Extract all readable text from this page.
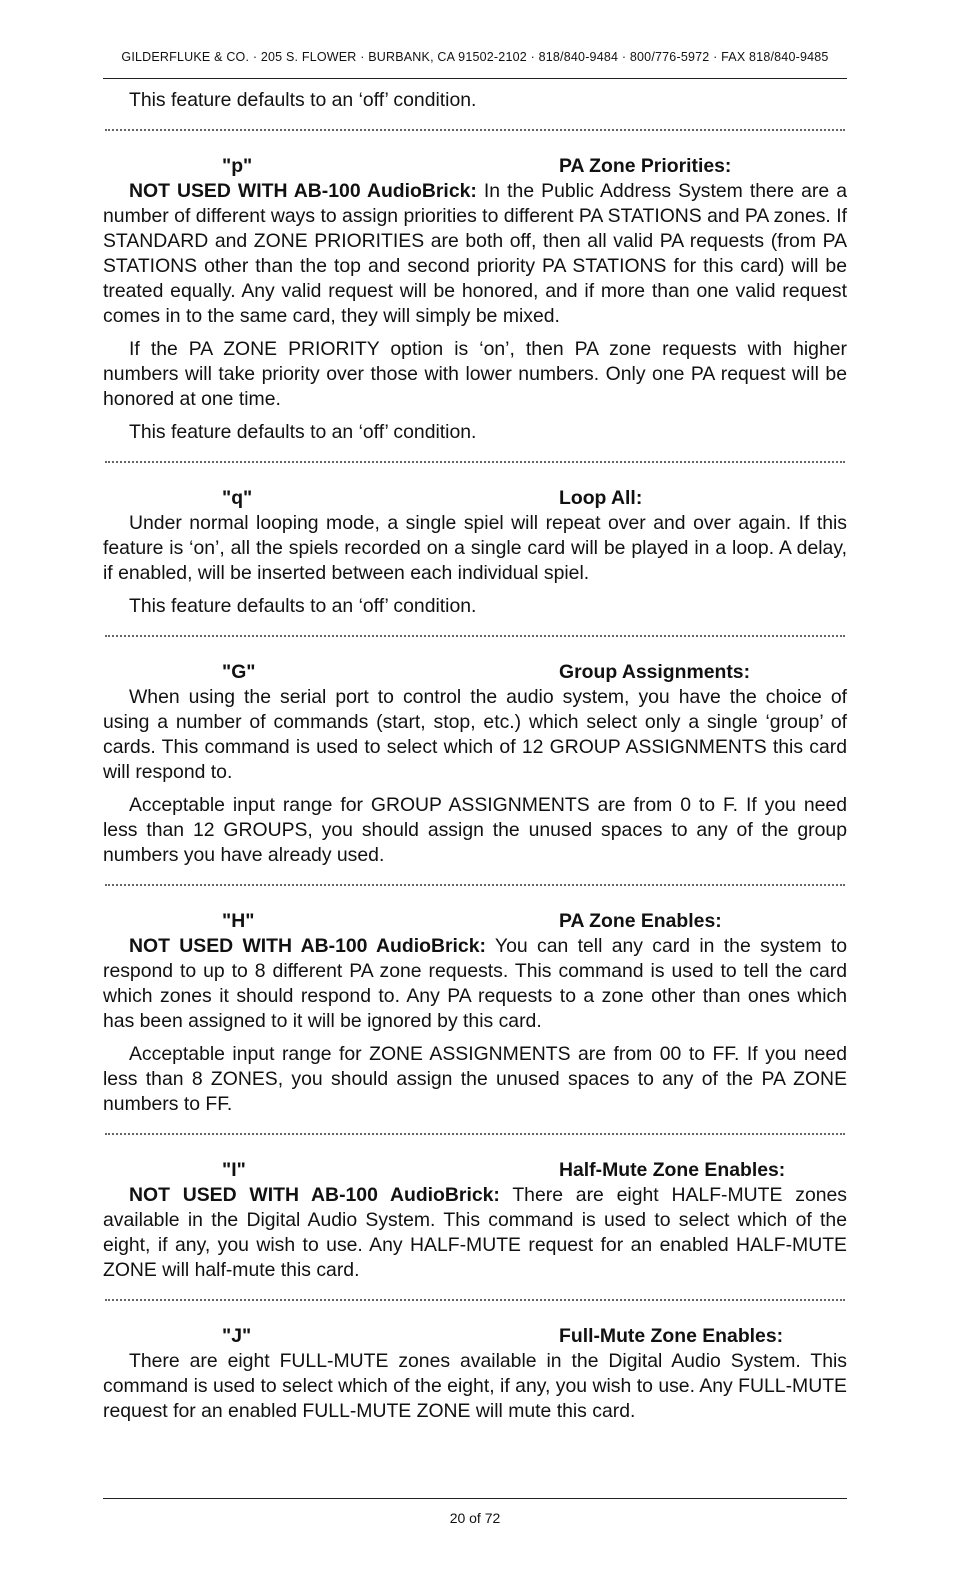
GILDERFLUKE & CO. · 205 S. FLOWER · BURBANK, CA 91502-2102 · 818/840-9484 · 800/776-5972 · FAX 818/840-9485

This feature defaults to an ‘off’ condition.

"p"	PA Zone Priorities:

NOT USED WITH AB-100 AudioBrick: In the Public Address System there are a number of different ways to assign priorities to different PA STATIONS and PA zones. If STANDARD and ZONE PRIORITIES are both off, then all valid PA requests (from PA STATIONS other than the top and second priority PA STATIONS for this card) will be treated equally. Any valid request will be honored, and if more than one valid request comes in to the same card, they will simply be mixed.

If the PA ZONE PRIORITY option is ‘on’, then PA zone requests with higher numbers will take priority over those with lower numbers. Only one PA request will be honored at one time.

This feature defaults to an ‘off’ condition.

"q"	Loop All:

Under normal looping mode, a single spiel will repeat over and over again. If this feature is ‘on’, all the spiels recorded on a single card will be played in a loop. A delay, if enabled, will be inserted between each individual spiel.

This feature defaults to an ‘off’ condition.

"G"	Group Assignments:

When using the serial port to control the audio system, you have the choice of using a number of commands (start, stop, etc.) which select only a single ‘group’ of cards. This command is used to select which of 12 GROUP ASSIGNMENTS this card will respond to.

Acceptable input range for GROUP ASSIGNMENTS are from 0 to F. If you need less than 12 GROUPS, you should assign the unused spaces to any of the group numbers you have already used.

"H"	PA Zone Enables:

NOT USED WITH AB-100 AudioBrick: You can tell any card in the system to respond to up to 8 different PA zone requests. This command is used to tell the card which zones it should respond to. Any PA requests to a zone other than ones which has been assigned to it will be ignored by this card.

Acceptable input range for ZONE ASSIGNMENTS are from 00 to FF. If you need less than 8 ZONES, you should assign the unused spaces to any of the PA ZONE numbers to FF.

"I"	Half-Mute Zone Enables:

NOT USED WITH AB-100 AudioBrick: There are eight HALF-MUTE zones available in the Digital Audio System. This command is used to select which of the eight, if any, you wish to use. Any HALF-MUTE request for an enabled HALF-MUTE ZONE will half-mute this card.

"J"	Full-Mute Zone Enables:

There are eight FULL-MUTE zones available in the Digital Audio System. This command is used to select which of the eight, if any, you wish to use. Any FULL-MUTE request for an enabled FULL-MUTE ZONE will mute this card.

20 of 72
